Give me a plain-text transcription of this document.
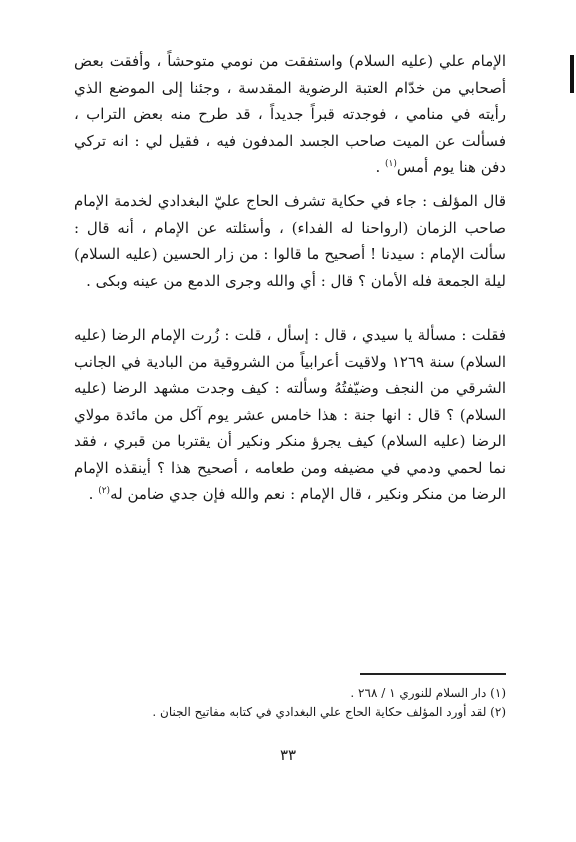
الإمام علي (عليه السلام) واستفقت من نومي متوحشاً ، وأفقت بعض أصحابي من خدّام العتبة الرضوية المقدسة ، وجئنا إلى الموضع الذي رأيته في منامي ، فوجدته قبراً جديداً ، قد طرح منه بعض التراب ، فسألت عن الميت صاحب الجسد المدفون فيه ، فقيل لي : انه تركي دفن هنا يوم أمس$^{(١)}$ .

قال المؤلف : جاء في حكاية تشرف الحاج عليّ البغدادي لخدمة الإمام صاحب الزمان (ارواحنا له الفداء) ، وأسئلته عن الإمام ، أنه قال : سألت الإمام : سيدنا ! أصحيح ما قالوا : من زار الحسين (عليه السلام) ليلة الجمعة فله الأمان ؟ قال : أي والله وجرى الدمع من عينه وبكى .

فقلت : مسألة يا سيدي ، قال : إسأل ، قلت : زُرت الإمام الرضا (عليه السلام) سنة ١٢٦٩ ولاقيت أعرابياً من الشروقية من البادية في الجانب الشرقي من النجف وضيّفتُهُ وسألته : كيف وجدت مشهد الرضا (عليه السلام) ؟ قال : انها جنة : هذا خامس عشر يوم آكل من مائدة مولاي الرضا (عليه السلام) كيف يجرؤ منكر ونكير أن يقتربا من قبري ، فقد نما لحمي ودمي في مضيفه ومن طعامه ، أصحيح هذا ؟ أينقذه الإمام الرضا من منكر ونكير ، قال الإمام : نعم والله فإن جدي ضامن له$^{(٢)}$ .

(١) دار السلام للنوري ١ / ٢٦٨ .
(٢) لقد أورد المؤلف حكاية الحاج علي البغدادي في كتابه مفاتيح الجنان .
٣٣
